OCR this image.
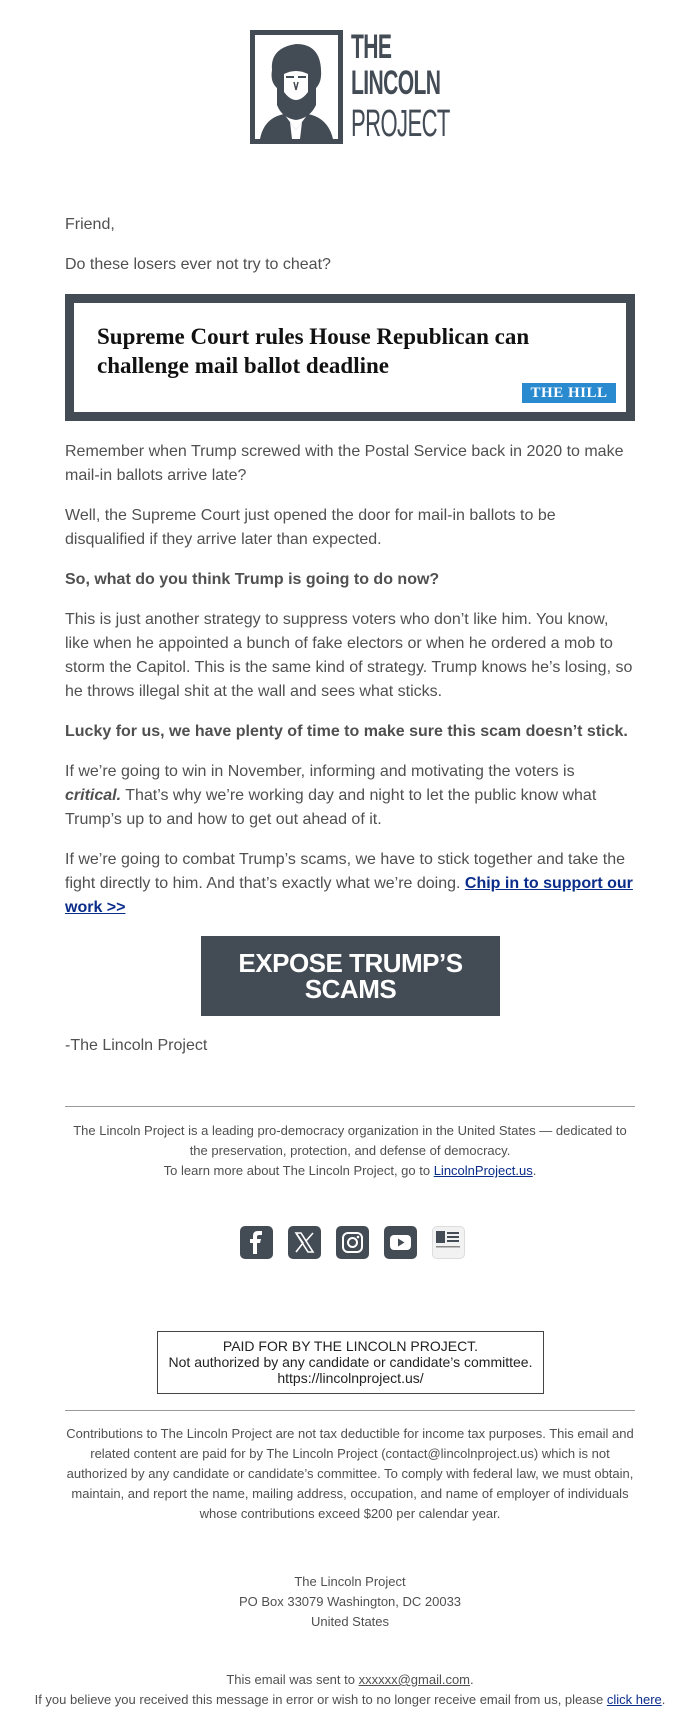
THE
LINCOLN
PROJECT
Friend,
Do these losers ever not try to cheat?
Supreme Court rules House Republican can challenge mail ballot deadline
THE HILL
Remember when Trump screwed with the Postal Service back in 2020 to make mail-in ballots arrive late?
Well, the Supreme Court just opened the door for mail-in ballots to be disqualified if they arrive later than expected.
So, what do you think Trump is going to do now?
This is just another strategy to suppress voters who don’t like him. You know, like when he appointed a bunch of fake electors or when he ordered a mob to storm the Capitol. This is the same kind of strategy. Trump knows he’s losing, so he throws illegal shit at the wall and sees what sticks.
Lucky for us, we have plenty of time to make sure this scam doesn’t stick.
If we’re going to win in November, informing and motivating the voters is critical. That’s why we’re working day and night to let the public know what Trump’s up to and how to get out ahead of it.
If we’re going to combat Trump’s scams, we have to stick together and take the fight directly to him. And that’s exactly what we’re doing. Chip in to support our work >>
EXPOSE TRUMP’S SCAMS
-The Lincoln Project
The Lincoln Project is a leading pro-democracy organization in the United States — dedicated to the preservation, protection, and defense of democracy.
To learn more about The Lincoln Project, go to LincolnProject.us.
PAID FOR BY THE LINCOLN PROJECT.
Not authorized by any candidate or candidate’s committee.
https://lincolnproject.us/
Contributions to The Lincoln Project are not tax deductible for income tax purposes. This email and related content are paid for by The Lincoln Project (contact@lincolnproject.us) which is not authorized by any candidate or candidate’s committee. To comply with federal law, we must obtain, maintain, and report the name, mailing address, occupation, and name of employer of individuals whose contributions exceed $200 per calendar year.
The Lincoln Project
PO Box 33079 Washington, DC 20033
United States
This email was sent to xxxxxx@gmail.com.
If you believe you received this message in error or wish to no longer receive email from us, please click here.
